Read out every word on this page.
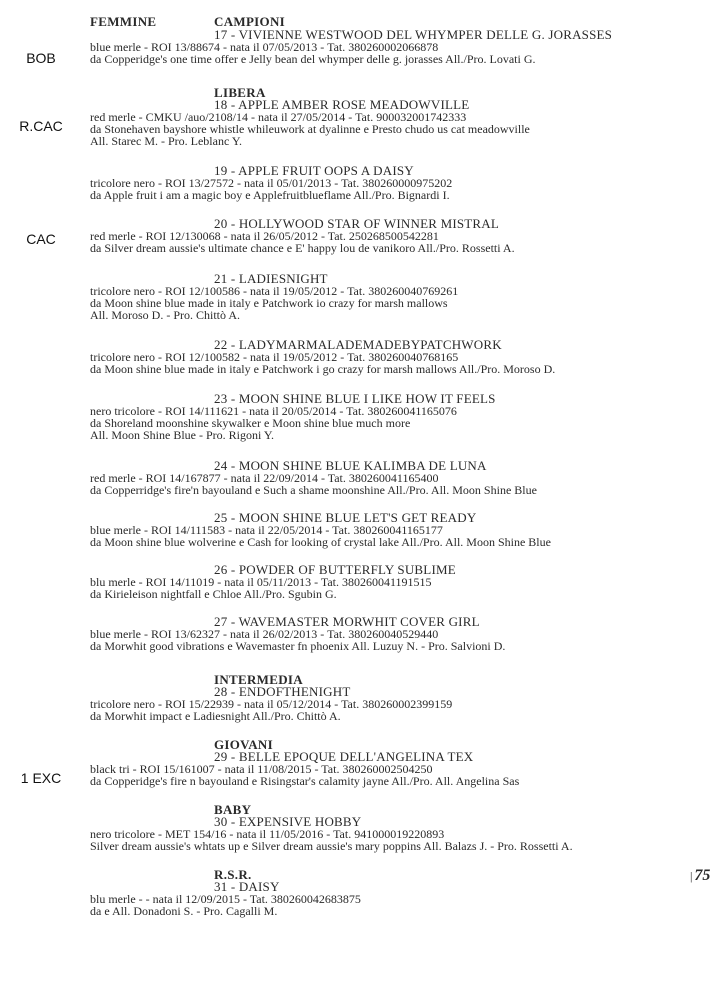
FEMMINE	CAMPIONI
BOB
R.CAC
CAC
1 EXC
17 - VIVIENNE WESTWOOD DEL WHYMPER DELLE G. JORASSES
blue merle - ROI 13/88674 - nata il 07/05/2013 - Tat. 380260002066878
da Copperidge's one time offer e Jelly bean del whymper delle g. jorasses All./Pro. Lovati G.
LIBERA
18 - APPLE AMBER ROSE MEADOWVILLE
red merle - CMKU /auo/2108/14 - nata il 27/05/2014 - Tat. 900032001742333
da Stonehaven bayshore whistle whileuwork at dyalinne e Presto chudo us cat meadowville
All. Starec M. - Pro. Leblanc Y.
19 - APPLE FRUIT OOPS A DAISY
tricolore nero - ROI 13/27572 - nata il 05/01/2013 - Tat. 380260000975202
da Apple fruit i am a magic boy e Applefruitblueflame All./Pro. Bignardi I.
20 - HOLLYWOOD STAR OF WINNER MISTRAL
red merle - ROI 12/130068 - nata il 26/05/2012 - Tat. 250268500542281
da Silver dream aussie's ultimate chance e E' happy lou de vanikoro All./Pro. Rossetti A.
21 - LADIESNIGHT
tricolore nero - ROI 12/100586 - nata il 19/05/2012 - Tat. 380260040769261
da Moon shine blue made in italy e Patchwork io crazy for marsh mallows
All. Moroso D. - Pro. Chittò A.
22 - LADYMARMALADEMADEBYPATCHWORK
tricolore nero - ROI 12/100582 - nata il 19/05/2012 - Tat. 380260040768165
da Moon shine blue made in italy e Patchwork i go crazy for marsh mallows All./Pro. Moroso D.
23 - MOON SHINE BLUE I LIKE HOW IT FEELS
nero tricolore - ROI 14/111621 - nata il 20/05/2014 - Tat. 380260041165076
da Shoreland moonshine skywalker e Moon shine blue much more
All. Moon Shine Blue - Pro. Rigoni Y.
24 - MOON SHINE BLUE KALIMBA DE LUNA
red merle - ROI 14/167877 - nata il 22/09/2014 - Tat. 380260041165400
da Copperridge's fire'n bayouland e Such a shame moonshine All./Pro. All. Moon Shine Blue
25 - MOON SHINE BLUE LET'S GET READY
blue merle - ROI 14/111583 - nata il 22/05/2014 - Tat. 380260041165177
da Moon shine blue wolverine e Cash for looking of crystal lake All./Pro. All. Moon Shine Blue
26 - POWDER OF BUTTERFLY SUBLIME
blu merle - ROI 14/11019 - nata il 05/11/2013 - Tat. 380260041191515
da Kirieleison nightfall e Chloe All./Pro. Sgubin G.
27 - WAVEMASTER MORWHIT COVER GIRL
blue merle - ROI 13/62327 - nata il 26/02/2013 - Tat. 380260040529440
da Morwhit good vibrations e Wavemaster fn phoenix All. Luzuy N. - Pro. Salvioni D.
INTERMEDIA
28 - ENDOFTHENIGHT
tricolore nero - ROI 15/22939 - nata il 05/12/2014 - Tat. 380260002399159
da Morwhit impact e Ladiesnight All./Pro. Chittò A.
GIOVANI
29 - BELLE EPOQUE DELL'ANGELINA TEX
black tri - ROI 15/161007 - nata il 11/08/2015 - Tat. 380260002504250
da Copperidge's fire n bayouland e Risingstar's calamity jayne All./Pro. All. Angelina Sas
BABY
30 - EXPENSIVE HOBBY
nero tricolore - MET 154/16 - nata il 11/05/2016 - Tat. 941000019220893
Silver dream aussie's whtats up e Silver dream aussie's mary poppins All. Balazs J. - Pro. Rossetti A.
R.S.R.
31 - DAISY
blu merle - - nata il 12/09/2015 - Tat. 380260042683875
da e All. Donadoni S. - Pro. Cagalli M.
| 75
